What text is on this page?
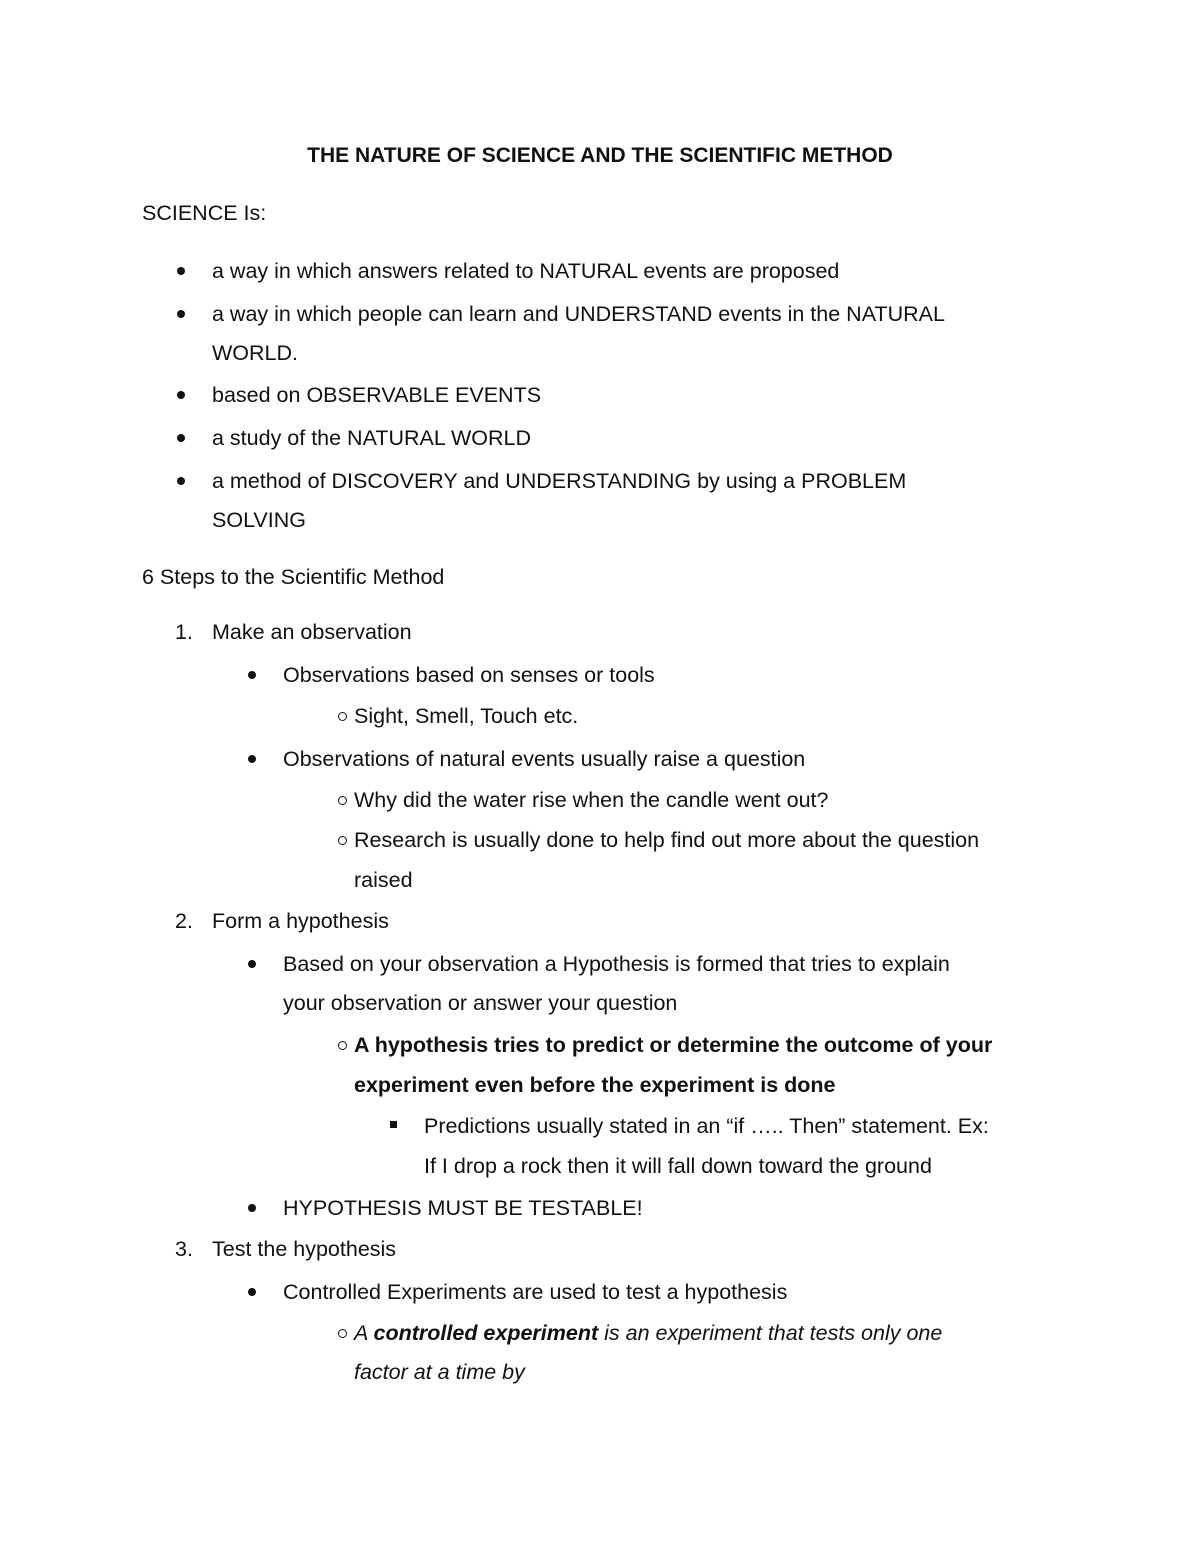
THE NATURE OF SCIENCE AND THE SCIENTIFIC METHOD
SCIENCE Is:
a way in which answers related to NATURAL events are proposed
a way in which people can learn and UNDERSTAND events in the NATURAL
WORLD.
based on OBSERVABLE EVENTS
a study of the NATURAL WORLD
a method of DISCOVERY and UNDERSTANDING by using a PROBLEM
SOLVING
6 Steps to the Scientific Method
1. Make an observation
Observations based on senses or tools
Sight, Smell, Touch etc.
Observations of natural events usually raise a question
Why did the water rise when the candle went out?
Research is usually done to help find out more about the question
raised
2. Form a hypothesis
Based on your observation a Hypothesis is formed that tries to explain
your observation or answer your question
A hypothesis tries to predict or determine the outcome of your
experiment even before the experiment is done
Predictions usually stated in an “if ….. Then” statement. Ex:
If I drop a rock then it will fall down toward the ground
HYPOTHESIS MUST BE TESTABLE!
3. Test the hypothesis
Controlled Experiments are used to test a hypothesis
A controlled experiment is an experiment that tests only one
factor at a time by
